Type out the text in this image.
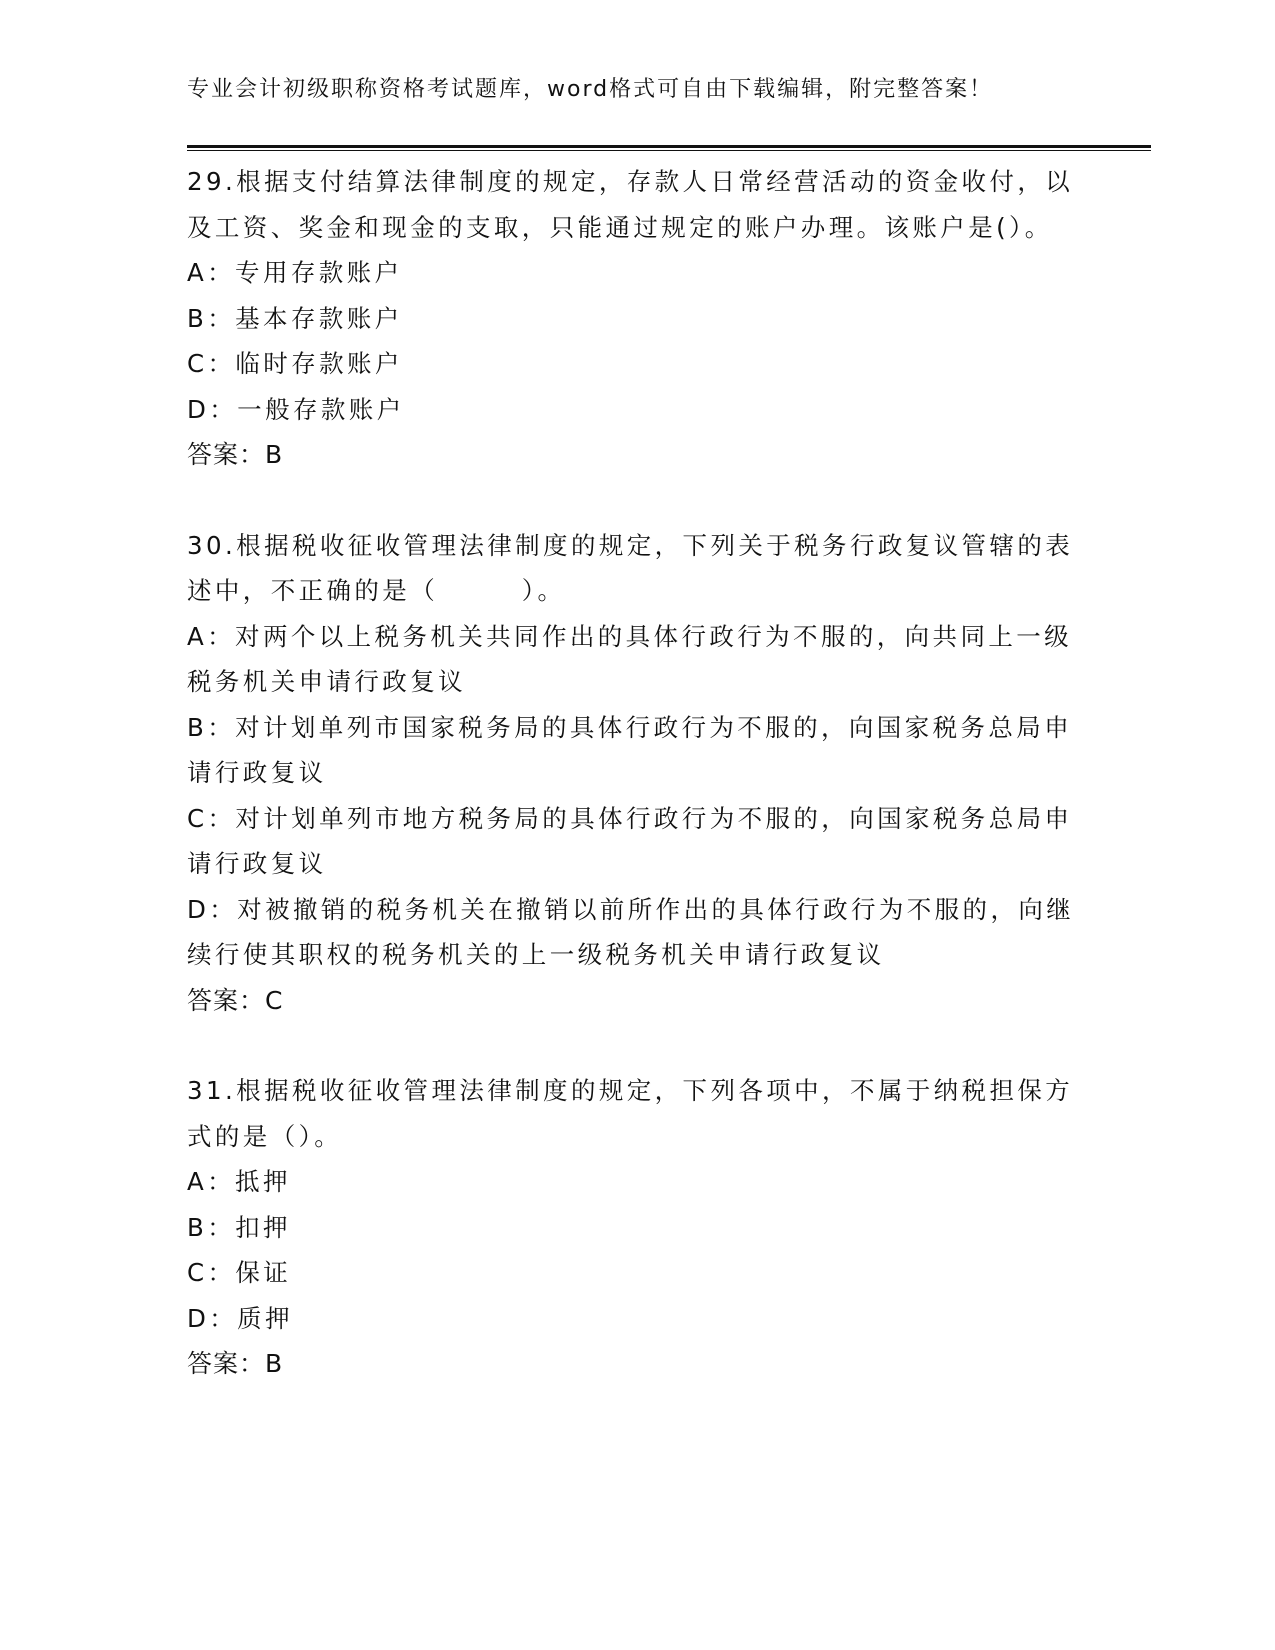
专业会计初级职称资格考试题库，word格式可自由下载编辑，附完整答案！

29.根据支付结算法律制度的规定，存款人日常经营活动的资金收付，以及工资、奖金和现金的支取，只能通过规定的账户办理。该账户是(）。

A：专用存款账户

B：基本存款账户

C：临时存款账户

D：一般存款账户

答案：B

30.根据税收征收管理法律制度的规定，下列关于税务行政复议管辖的表述中，不正确的是（　　　）。

A：对两个以上税务机关共同作出的具体行政行为不服的，向共同上一级税务机关申请行政复议

B：对计划单列市国家税务局的具体行政行为不服的，向国家税务总局申请行政复议

C：对计划单列市地方税务局的具体行政行为不服的，向国家税务总局申请行政复议

D：对被撤销的税务机关在撤销以前所作出的具体行政行为不服的，向继续行使其职权的税务机关的上一级税务机关申请行政复议

答案：C

31.根据税收征收管理法律制度的规定，下列各项中，不属于纳税担保方式的是（）。

A：抵押

B：扣押

C：保证

D：质押

答案：B
